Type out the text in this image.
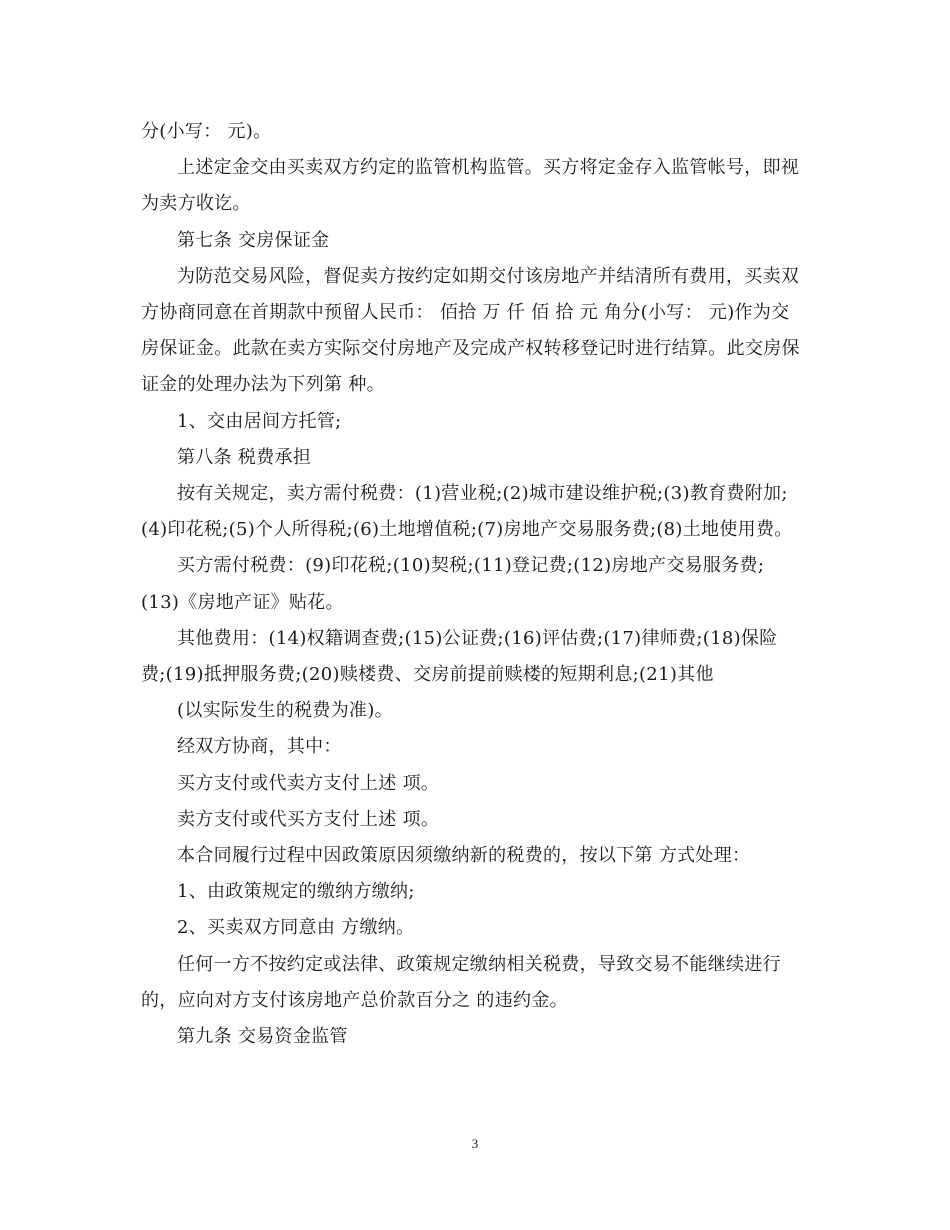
分(小写： 元)。

上述定金交由买卖双方约定的监管机构监管。买方将定金存入监管帐号，即视为卖方收讫。

第七条 交房保证金

为防范交易风险，督促卖方按约定如期交付该房地产并结清所有费用，买卖双方协商同意在首期款中预留人民币： 佰拾 万 仟 佰 拾 元 角分(小写： 元)作为交房保证金。此款在卖方实际交付房地产及完成产权转移登记时进行结算。此交房保证金的处理办法为下列第 种。

1、交由居间方托管;

第八条 税费承担

按有关规定，卖方需付税费：(1)营业税;(2)城市建设维护税;(3)教育费附加;(4)印花税;(5)个人所得税;(6)土地增值税;(7)房地产交易服务费;(8)土地使用费。

买方需付税费：(9)印花税;(10)契税;(11)登记费;(12)房地产交易服务费;(13)《房地产证》贴花。

其他费用：(14)权籍调查费;(15)公证费;(16)评估费;(17)律师费;(18)保险费;(19)抵押服务费;(20)赎楼费、交房前提前赎楼的短期利息;(21)其他

(以实际发生的税费为准)。

经双方协商，其中：

买方支付或代卖方支付上述 项。

卖方支付或代买方支付上述 项。

本合同履行过程中因政策原因须缴纳新的税费的，按以下第 方式处理：

1、由政策规定的缴纳方缴纳;

2、买卖双方同意由 方缴纳。

任何一方不按约定或法律、政策规定缴纳相关税费，导致交易不能继续进行的，应向对方支付该房地产总价款百分之 的违约金。

第九条 交易资金监管

3
